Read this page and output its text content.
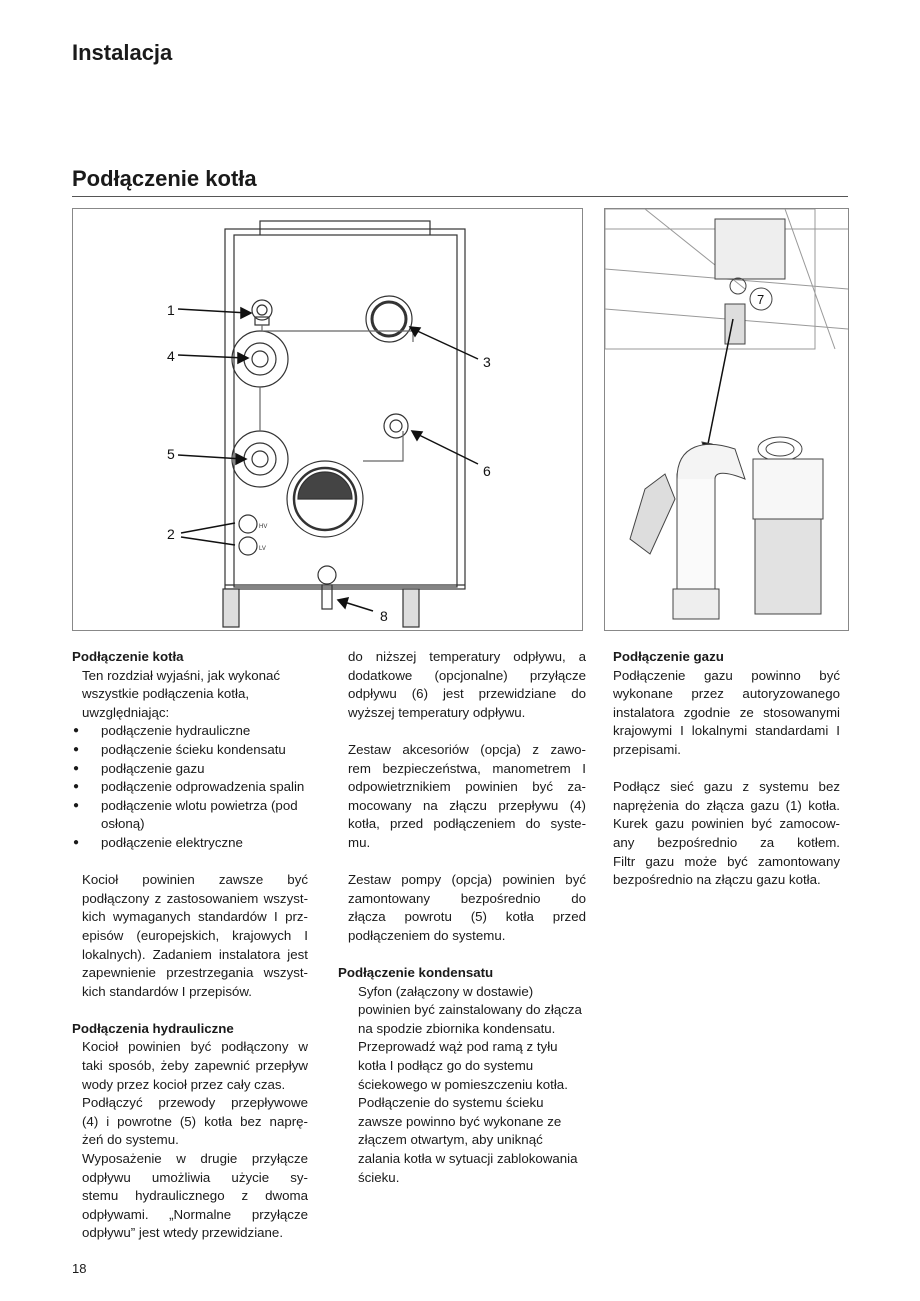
Instalacja
Podłączenie kotła
HV
LV
1
2
3
4
5
6
8
7
Podłączenie kotła
Ten rozdział wyjaśni, jak wykonać
wszystkie podłączenia kotła,
uwzględniając:
● podłączenie hydrauliczne
● podłączenie ścieku kondensatu
● podłączenie gazu
● podłączenie odprowadzenia spalin
● podłączenie wlotu powietrza (pod
osłoną)
● podłączenie elektryczne
Kocioł powinien zawsze być
podłączony z zastosowaniem wszyst-
kich wymaganych standardów I prz-
episów (europejskich, krajowych I
lokalnych). Zadaniem instalatora jest
zapewnienie przestrzegania wszyst-
kich standardów I przepisów.
Podłączenia hydrauliczne
Kocioł powinien być podłączony w
taki sposób, żeby zapewnić przepływ
wody przez kocioł przez cały czas.
Podłączyć przewody przepływowe
(4) i powrotne (5) kotła bez naprę-
żeń do systemu.
Wyposażenie w drugie przyłącze
odpływu umożliwia użycie sy-
stemu hydraulicznego z dwoma
odpływami. „Normalne przyłącze
odpływu” jest wtedy przewidziane.
do niższej temperatury odpływu, a
dodatkowe (opcjonalne) przyłącze
odpływu (6) jest przewidziane do
wyższej temperatury odpływu.
Zestaw akcesoriów (opcja) z zawo-
rem bezpieczeństwa, manometrem I
odpowietrznikiem powinien być za-
mocowany na złączu przepływu (4)
kotła, przed podłączeniem do syste-
mu.
Zestaw pompy (opcja) powinien być
zamontowany bezpośrednio do
złącza powrotu (5) kotła przed
podłączeniem do systemu.
Podłączenie kondensatu
Syfon (załączony w dostawie)
powinien być zainstalowany do złącza
na spodzie zbiornika kondensatu.
Przeprowadź wąż pod ramą z tyłu
kotła I podłącz go do systemu
ściekowego w pomieszczeniu kotła.
Podłączenie do systemu ścieku
zawsze powinno być wykonane ze
złączem otwartym, aby uniknąć
zalania kotła w sytuacji zablokowania
ścieku.
Podłączenie gazu
Podłączenie gazu powinno być
wykonane przez autoryzowanego
instalatora zgodnie ze stosowanymi
krajowymi I lokalnymi standardami I
przepisami.
Podłącz sieć gazu z systemu bez
naprężenia do złącza gazu (1) kotła.
Kurek gazu powinien być zamocow-
any bezpośrednio za kotłem.
Filtr gazu może być zamontowany
bezpośrednio na złączu gazu kotła.
18
